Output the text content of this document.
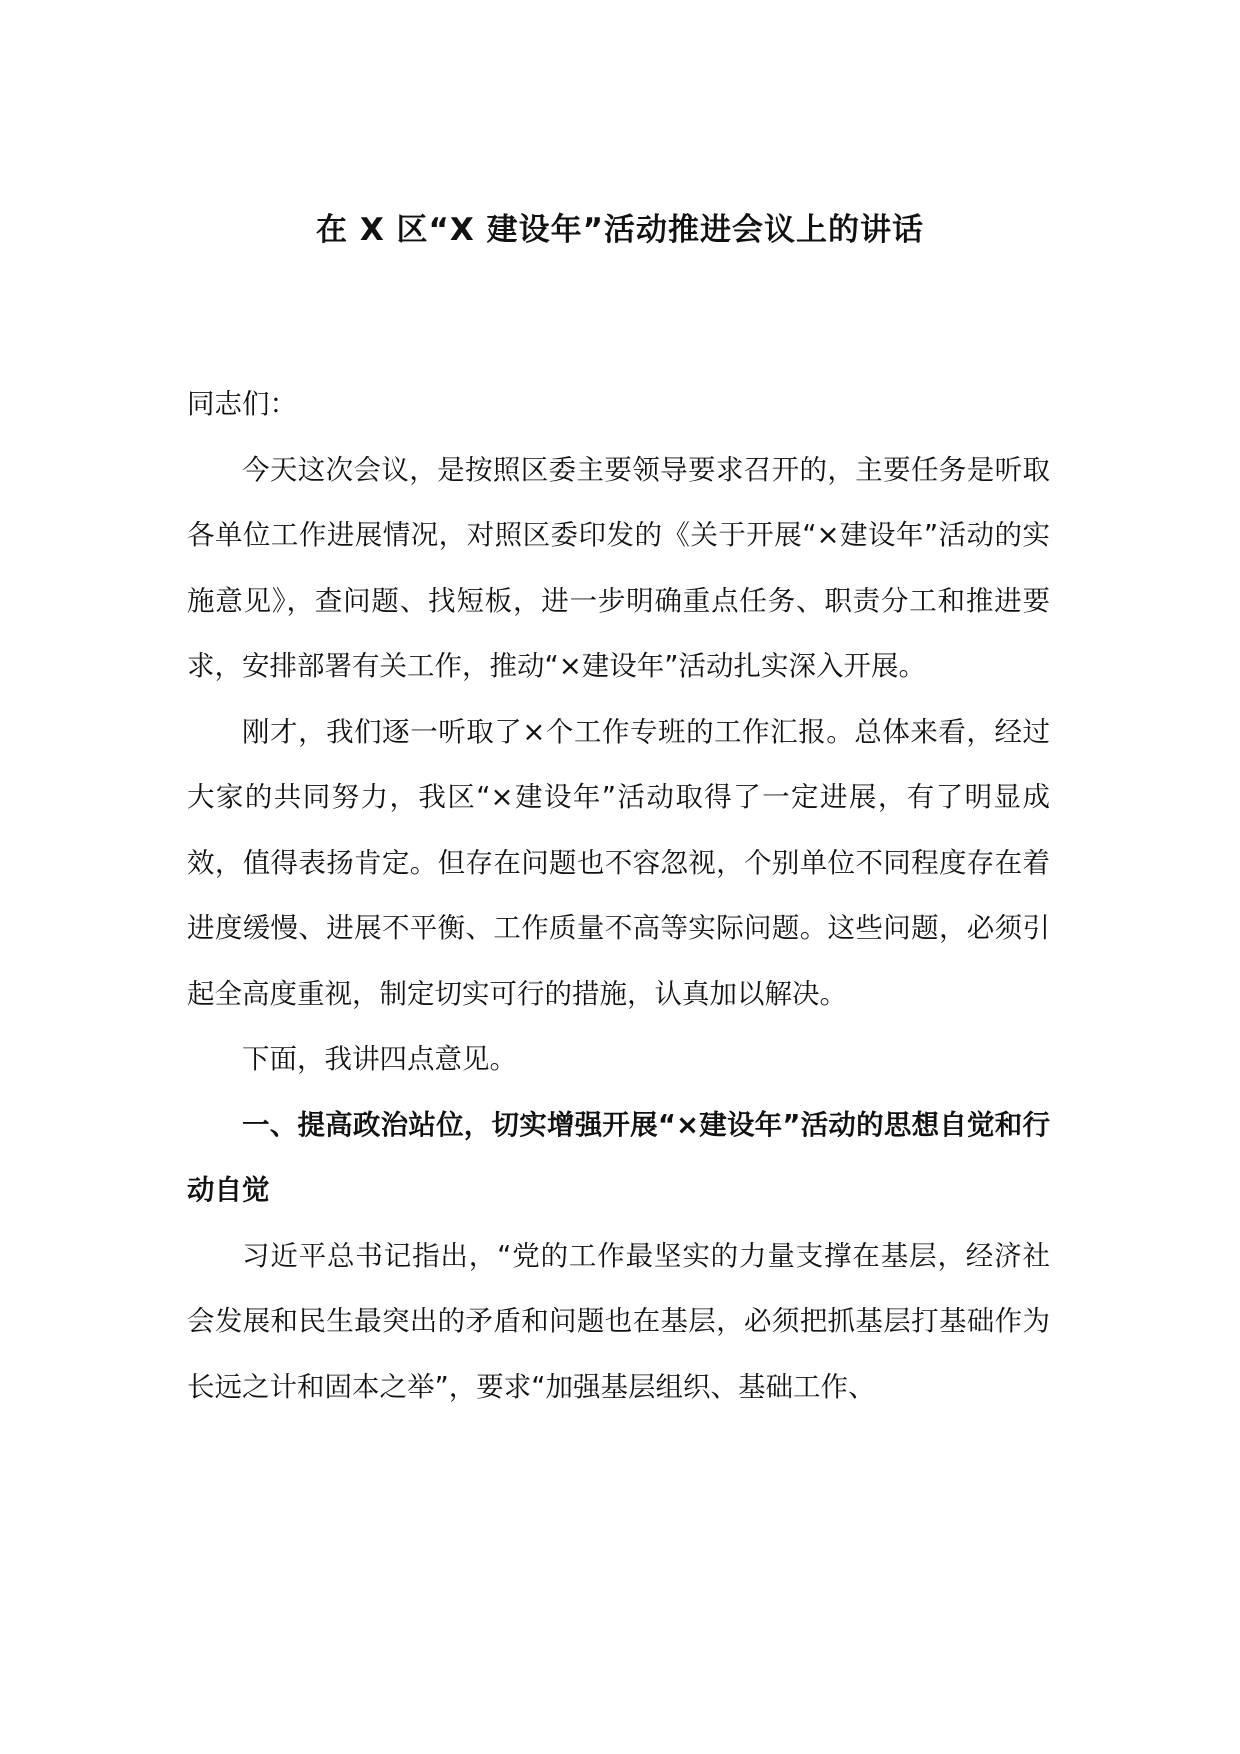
在 X 区“X 建设年”活动推进会议上的讲话

同志们：

今天这次会议，是按照区委主要领导要求召开的，主要任务是听取各单位工作进展情况，对照区委印发的《关于开展“×建设年”活动的实施意见》，查问题、找短板，进一步明确重点任务、职责分工和推进要求，安排部署有关工作，推动“×建设年”活动扎实深入开展。

刚才，我们逐一听取了×个工作专班的工作汇报。总体来看，经过大家的共同努力，我区“×建设年”活动取得了一定进展，有了明显成效，值得表扬肯定。但存在问题也不容忽视，个别单位不同程度存在着进度缓慢、进展不平衡、工作质量不高等实际问题。这些问题，必须引起全高度重视，制定切实可行的措施，认真加以解决。

下面，我讲四点意见。

一、提高政治站位，切实增强开展“×建设年”活动的思想自觉和行动自觉

习近平总书记指出，“党的工作最坚实的力量支撑在基层，经济社会发展和民生最突出的矛盾和问题也在基层，必须把抓基层打基础作为长远之计和固本之举”，要求“加强基层组织、基础工作、
